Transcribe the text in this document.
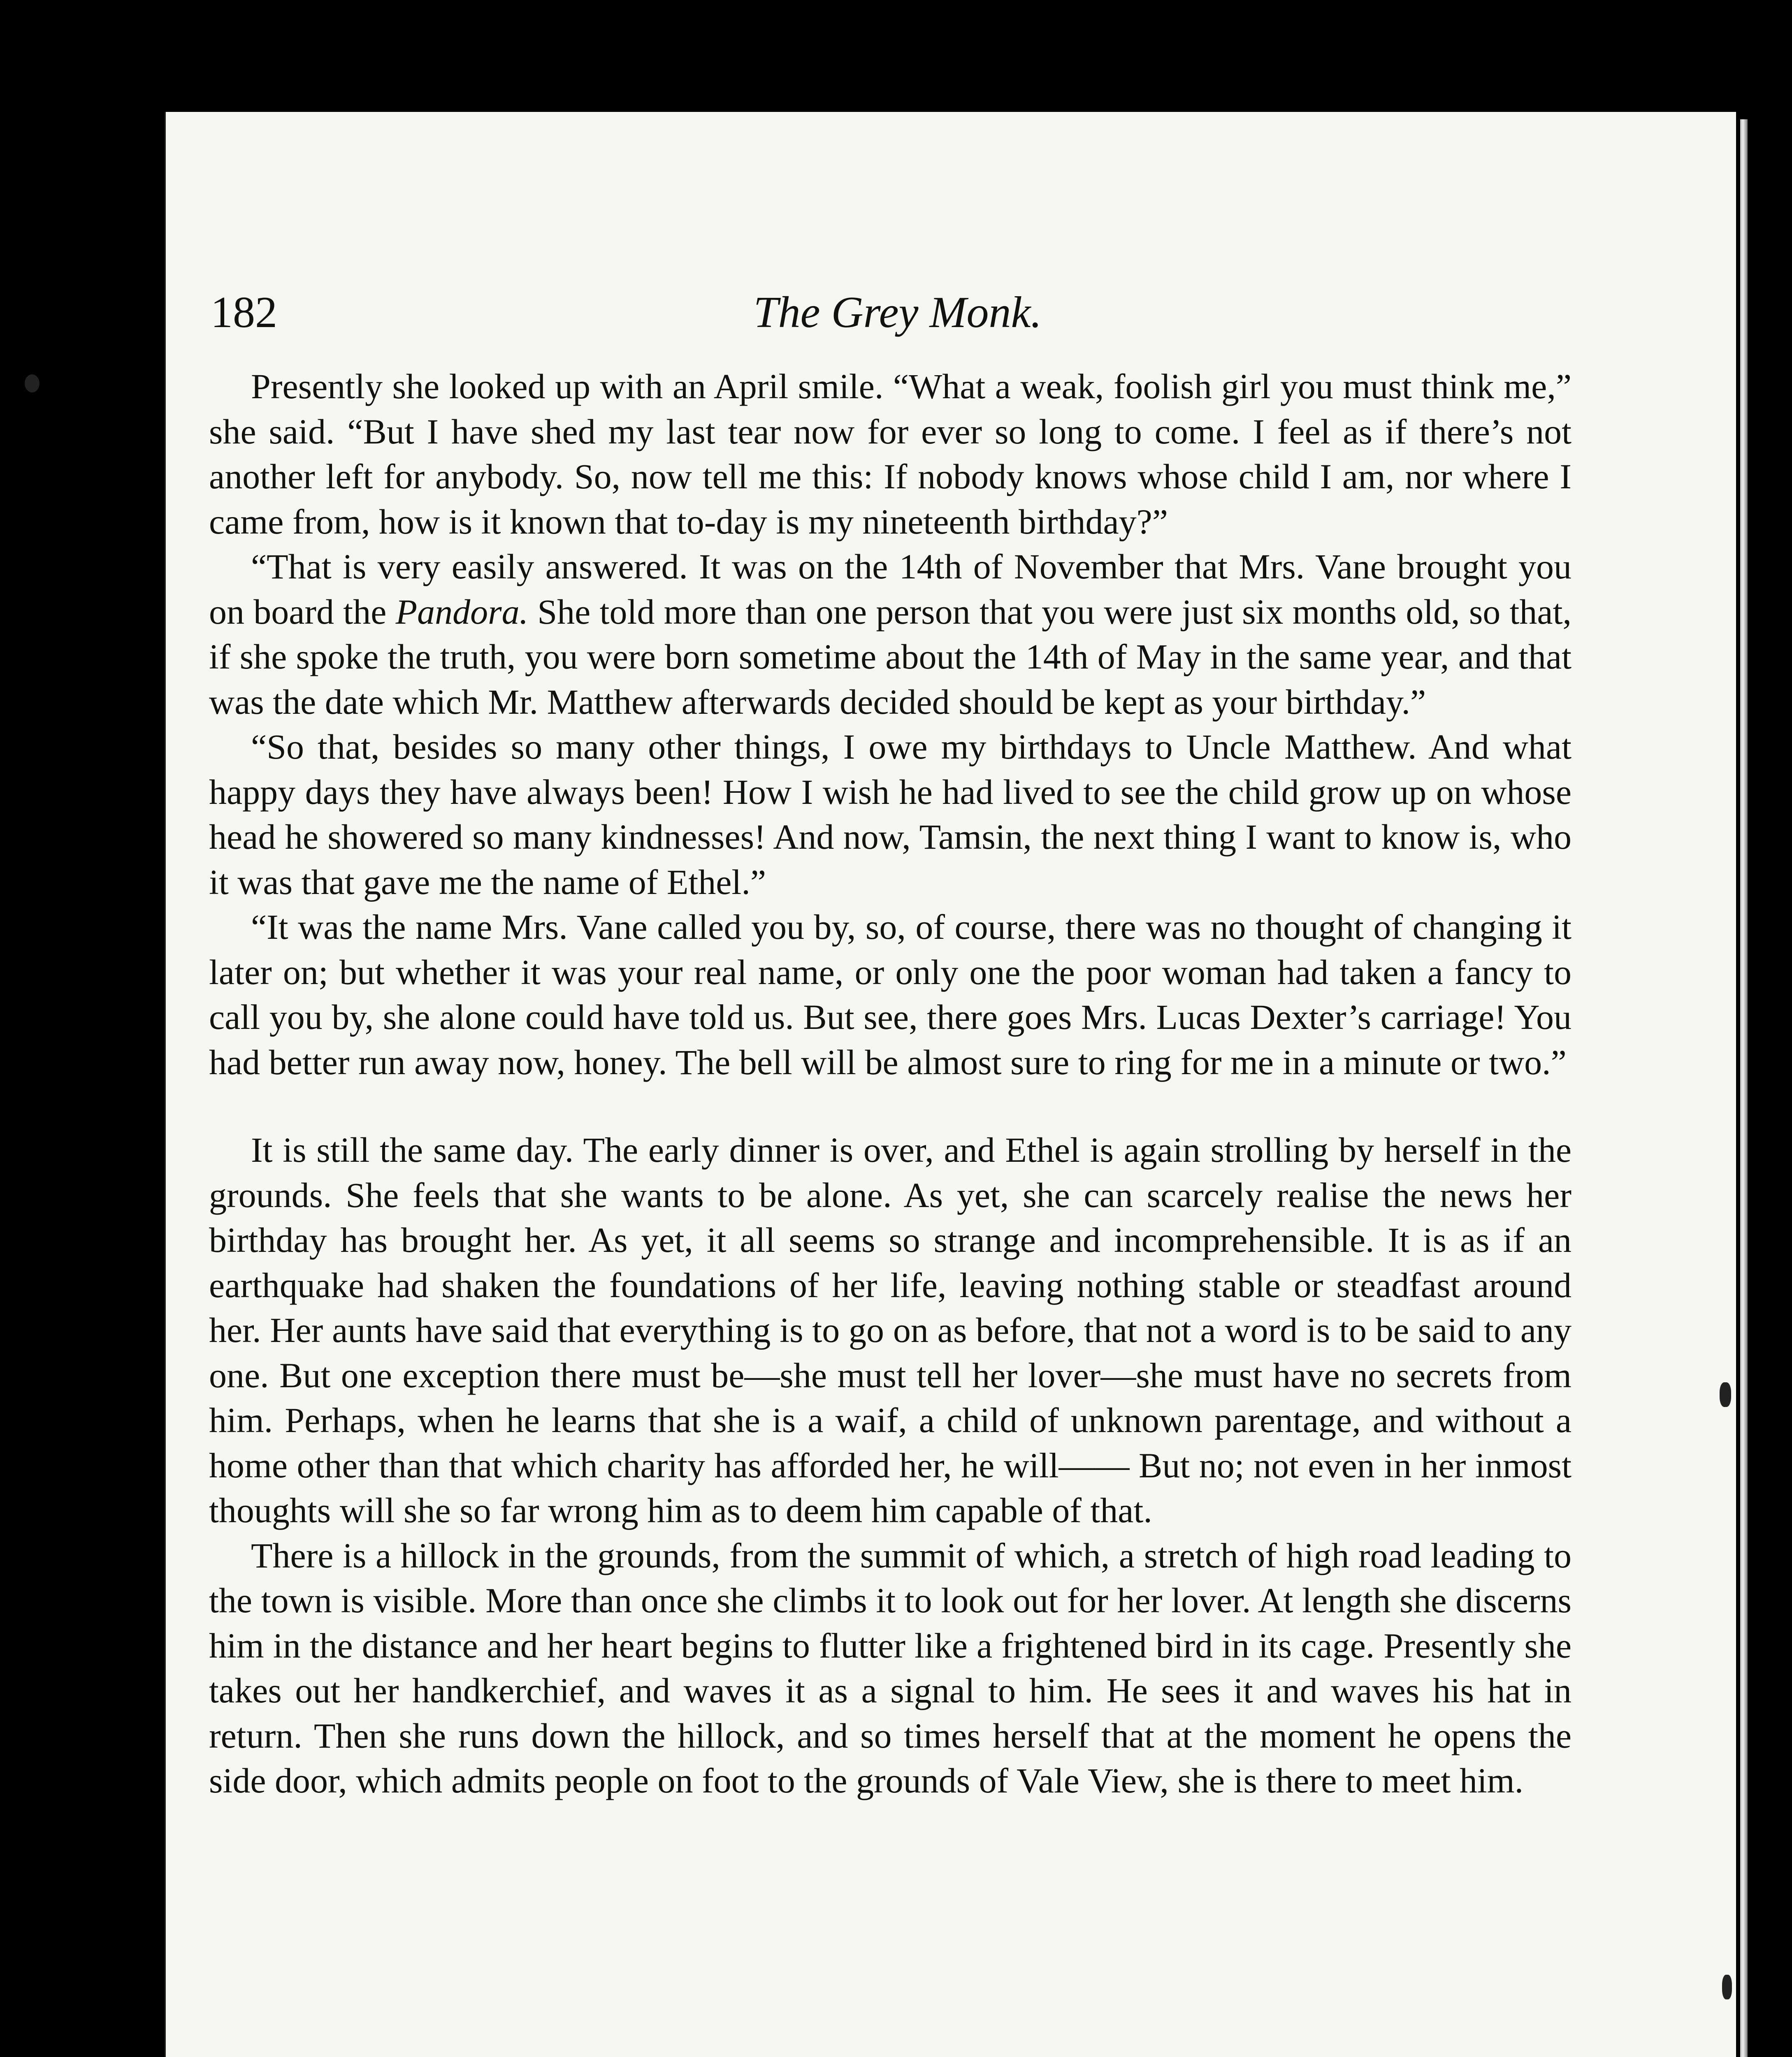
182	The Grey Monk.

Presently she looked up with an April smile. “What a weak, foolish girl you must think me,” she said. “But I have shed my last tear now for ever so long to come. I feel as if there’s not another left for anybody. So, now tell me this: If nobody knows whose child I am, nor where I came from, how is it known that to-day is my nineteenth birthday?”

“That is very easily answered. It was on the 14th of November that Mrs. Vane brought you on board the Pandora. She told more than one person that you were just six months old, so that, if she spoke the truth, you were born sometime about the 14th of May in the same year, and that was the date which Mr. Matthew afterwards decided should be kept as your birthday.”

“So that, besides so many other things, I owe my birthdays to Uncle Matthew. And what happy days they have always been! How I wish he had lived to see the child grow up on whose head he showered so many kindnesses! And now, Tamsin, the next thing I want to know is, who it was that gave me the name of Ethel.”

“It was the name Mrs. Vane called you by, so, of course, there was no thought of changing it later on; but whether it was your real name, or only one the poor woman had taken a fancy to call you by, she alone could have told us. But see, there goes Mrs. Lucas Dexter’s carriage! You had better run away now, honey. The bell will be almost sure to ring for me in a minute or two.”

It is still the same day. The early dinner is over, and Ethel is again strolling by herself in the grounds. She feels that she wants to be alone. As yet, she can scarcely realise the news her birthday has brought her. As yet, it all seems so strange and incomprehensible. It is as if an earthquake had shaken the foundations of her life, leaving nothing stable or steadfast around her. Her aunts have said that everything is to go on as before, that not a word is to be said to any one. But one exception there must be—she must tell her lover—she must have no secrets from him. Perhaps, when he learns that she is a waif, a child of unknown parentage, and without a home other than that which charity has afforded her, he will—— But no; not even in her inmost thoughts will she so far wrong him as to deem him capable of that.

There is a hillock in the grounds, from the summit of which, a stretch of high road leading to the town is visible. More than once she climbs it to look out for her lover. At length she discerns him in the distance and her heart begins to flutter like a frightened bird in its cage. Presently she takes out her handkerchief, and waves it as a signal to him. He sees it and waves his hat in return. Then she runs down the hillock, and so times herself that at the moment he opens the side door, which admits people on foot to the grounds of Vale View, she is there to meet him.
